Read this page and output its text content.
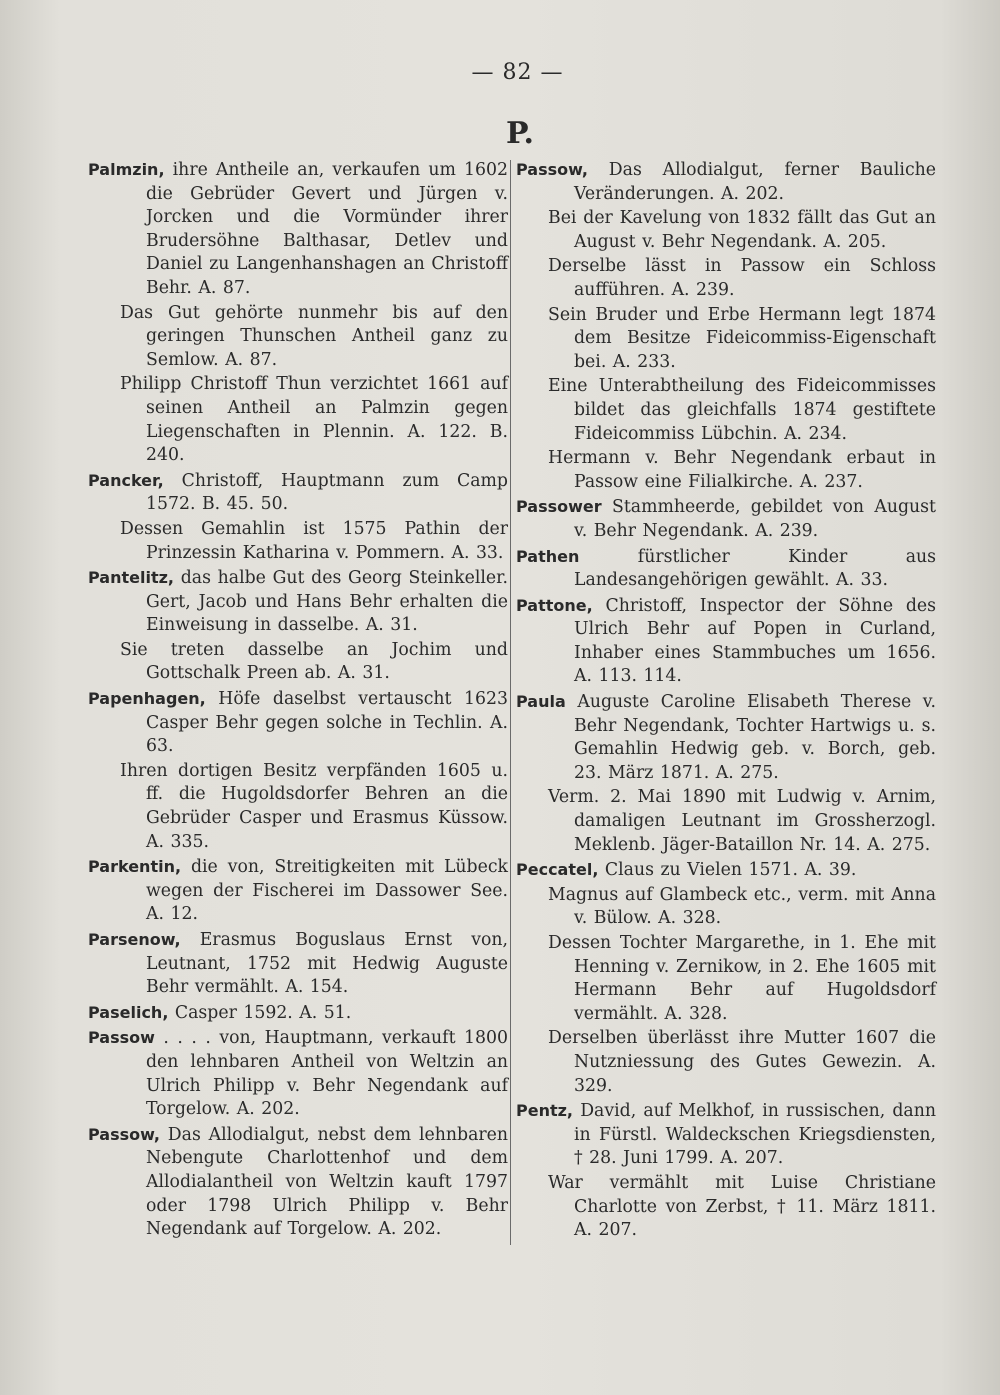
— 82 —
P.

Palmzin, ihre Antheile an, verkaufen um 1602 die Gebrüder Gevert und Jürgen v. Jorcken und die Vormünder ihrer Brudersöhne Balthasar, Detlev und Daniel zu Langenhanshagen an Christoff Behr. A. 87.

Das Gut gehörte nunmehr bis auf den geringen Thunschen Antheil ganz zu Semlow. A. 87.

Philipp Christoff Thun verzichtet 1661 auf seinen Antheil an Palmzin gegen Liegenschaften in Plennin. A. 122. B. 240.

Pancker, Christoff, Hauptmann zum Camp 1572. B. 45. 50.

Dessen Gemahlin ist 1575 Pathin der Prinzessin Katharina v. Pommern. A. 33.

Pantelitz, das halbe Gut des Georg Steinkeller. Gert, Jacob und Hans Behr erhalten die Einweisung in dasselbe. A. 31.

Sie treten dasselbe an Jochim und Gottschalk Preen ab. A. 31.

Papenhagen, Höfe daselbst vertauscht 1623 Casper Behr gegen solche in Techlin. A. 63.

Ihren dortigen Besitz verpfänden 1605 u. ff. die Hugoldsdorfer Behren an die Gebrüder Casper und Erasmus Küssow. A. 335.

Parkentin, die von, Streitigkeiten mit Lübeck wegen der Fischerei im Dassower See. A. 12.

Parsenow, Erasmus Boguslaus Ernst von, Leutnant, 1752 mit Hedwig Auguste Behr vermählt. A. 154.

Paselich, Casper 1592. A. 51.

Passow . . . . von, Hauptmann, verkauft 1800 den lehnbaren Antheil von Weltzin an Ulrich Philipp v. Behr Negendank auf Torgelow. A. 202.

Passow, Das Allodialgut, nebst dem lehnbaren Nebengute Charlottenhof und dem Allodialantheil von Weltzin kauft 1797 oder 1798 Ulrich Philipp v. Behr Negendank auf Torgelow. A. 202.

Passow, Das Allodialgut, ferner Bauliche Veränderungen. A. 202.

Bei der Kavelung von 1832 fällt das Gut an August v. Behr Negendank. A. 205.

Derselbe lässt in Passow ein Schloss aufführen. A. 239.

Sein Bruder und Erbe Hermann legt 1874 dem Besitze Fideicommiss-Eigenschaft bei. A. 233.

Eine Unterabtheilung des Fideicommisses bildet das gleichfalls 1874 gestiftete Fideicommiss Lübchin. A. 234.

Hermann v. Behr Negendank erbaut in Passow eine Filialkirche. A. 237.

Passower Stammheerde, gebildet von August v. Behr Negendank. A. 239.

Pathen	fürstlicher Kinder aus Landesangehörigen gewählt. A. 33.

Pattone, Christoff, Inspector der Söhne des Ulrich Behr auf Popen in Curland, Inhaber eines Stammbuches um 1656. A. 113. 114.

Paula Auguste Caroline Elisabeth Therese v. Behr Negendank, Tochter Hartwigs u. s. Gemahlin Hedwig geb. v. Borch, geb. 23. März 1871. A. 275.

Verm. 2. Mai 1890 mit Ludwig v. Arnim, damaligen Leutnant im Grossherzogl. Meklenb. Jäger-Bataillon Nr. 14. A. 275.

Peccatel, Claus zu Vielen 1571. A. 39.

Magnus auf Glambeck etc., verm. mit Anna v. Bülow. A. 328.

Dessen Tochter Margarethe, in 1. Ehe mit Henning v. Zernikow, in 2. Ehe 1605 mit Hermann Behr auf Hugoldsdorf vermählt. A. 328.

Derselben überlässt ihre Mutter 1607 die Nutzniessung des Gutes Gewezin. A. 329.

Pentz, David, auf Melkhof, in russischen, dann in Fürstl. Waldeckschen Kriegsdiensten, † 28. Juni 1799. A. 207.

War vermählt mit Luise Christiane Charlotte von Zerbst, † 11. März 1811. A. 207.
